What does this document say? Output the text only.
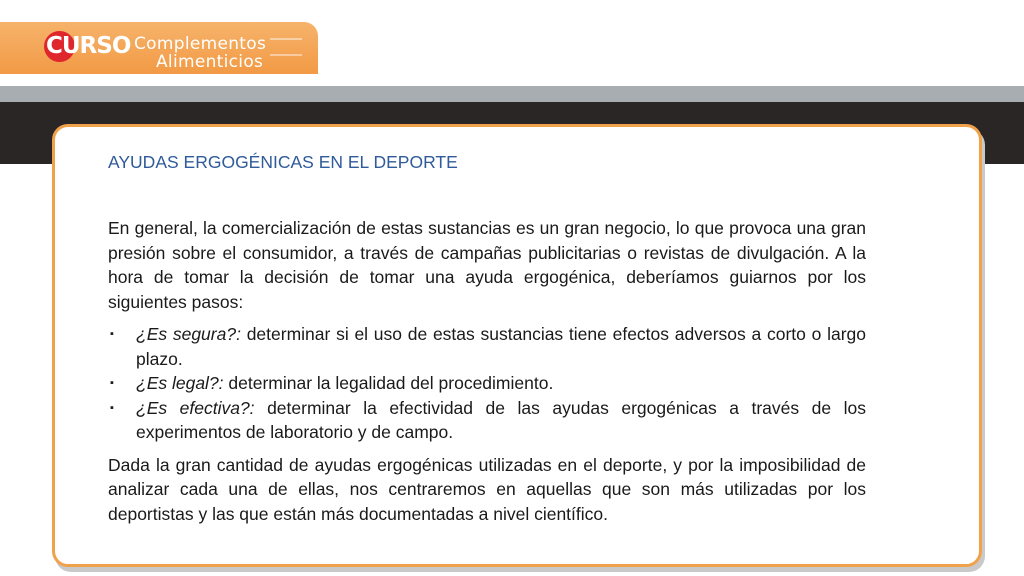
CURSO Complementos
Alimenticios
AYUDAS ERGOGÉNICAS EN EL DEPORTE

En general, la comercialización de estas sustancias es un gran negocio, lo que provoca una gran presión sobre el consumidor, a través de campañas publicitarias o revistas de divulgación. A la hora de tomar la decisión de tomar una ayuda ergogénica, deberíamos guiarnos por los siguientes pasos:

▪ ¿Es segura?: determinar si el uso de estas sustancias tiene efectos adversos a corto o largo plazo.
▪ ¿Es legal?: determinar la legalidad del procedimiento.
▪ ¿Es efectiva?: determinar la efectividad de las ayudas ergogénicas a través de los experimentos de laboratorio y de campo.

Dada la gran cantidad de ayudas ergogénicas utilizadas en el deporte, y por la imposibilidad de analizar cada una de ellas, nos centraremos en aquellas que son más utilizadas por los deportistas y las que están más documentadas a nivel científico.
